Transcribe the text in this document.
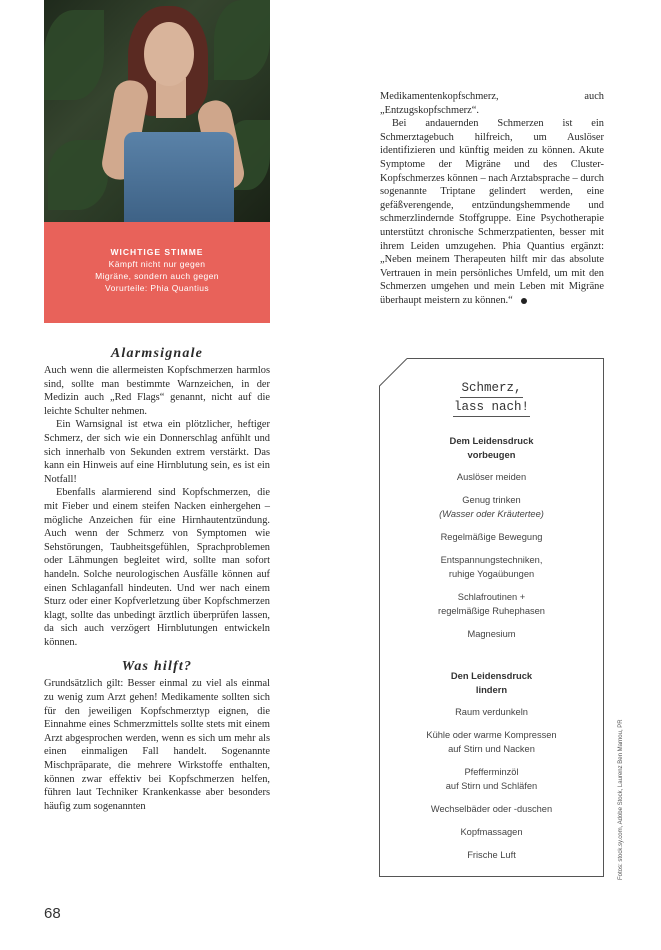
WICHTIGE STIMME
Kämpft nicht nur gegen
Migräne, sondern auch gegen
Vorurteile: Phia Quantius
Alarmsignale

Auch wenn die allermeisten Kopfschmerzen harmlos sind, sollte man bestimmte Warnzeichen, in der Medizin auch „Red Flags“ genannt, nicht auf die leichte Schulter nehmen.

Ein Warnsignal ist etwa ein plötzlicher, heftiger Schmerz, der sich wie ein Donnerschlag anfühlt und sich innerhalb von Sekunden extrem verstärkt. Das kann ein Hinweis auf eine Hirnblutung sein, es ist ein Notfall!

Ebenfalls alarmierend sind Kopfschmerzen, die mit Fieber und einem steifen Nacken einhergehen – mögliche Anzeichen für eine Hirnhautentzündung. Auch wenn der Schmerz von Symptomen wie Sehstörungen, Taubheitsgefühlen, Sprachproblemen oder Lähmungen begleitet wird, sollte man sofort handeln. Solche neurologischen Ausfälle können auf einen Schlaganfall hindeuten. Und wer nach einem Sturz oder einer Kopfverletzung über Kopfschmerzen klagt, sollte das unbedingt ärztlich überprüfen lassen, da sich auch verzögert Hirnblutungen entwickeln können.

Was hilft?

Grundsätzlich gilt: Besser einmal zu viel als einmal zu wenig zum Arzt gehen! Medikamente sollten sich für den jeweiligen Kopfschmerztyp eignen, die Einnahme eines Schmerzmittels sollte stets mit einem Arzt abgesprochen werden, wenn es sich um mehr als einen einmaligen Fall handelt. Sogenannte Mischpräparate, die mehrere Wirkstoffe enthalten, können zwar effektiv bei Kopfschmerzen helfen, führen laut Techniker Krankenkasse aber besonders häufig zum sogenannten

Medikamentenkopfschmerz, auch „Entzugskopfschmerz“.

Bei andauernden Schmerzen ist ein Schmerztagebuch hilfreich, um Auslöser identifizieren und künftig meiden zu können. Akute Symptome der Migräne und des Cluster-Kopfschmerzes können – nach Arztabsprache – durch sogenannte Triptane gelindert werden, eine gefäßverengende, entzündungshemmende und schmerzlindernde Stoffgruppe. Eine Psychotherapie unterstützt chronische Schmerzpatienten, besser mit ihrem Leiden umzugehen. Phia Quantius ergänzt: „Neben meinem Therapeuten hilft mir das absolute Vertrauen in mein persönliches Umfeld, um mit den Schmerzen umgehen und mein Leben mit Migräne überhaupt meistern zu können.“

Schmerz,
lass nach!
Dem Leidensdruck
vorbeugen
Auslöser meiden
Genug trinken
(Wasser oder Kräutertee)
Regelmäßige Bewegung
Entspannungstechniken,
ruhige Yogaübungen
Schlafroutinen +
regelmäßige Ruhephasen
Magnesium
Den Leidensdruck
lindern
Raum verdunkeln
Kühle oder warme Kompressen
auf Stirn und Nacken
Pfefferminzöl
auf Stirn und Schläfen
Wechselbäder oder -duschen
Kopfmassagen
Frische Luft
68
Fotos: stock.sy.com, Adobe Stock, Laurenz Ben Marnou, PR
